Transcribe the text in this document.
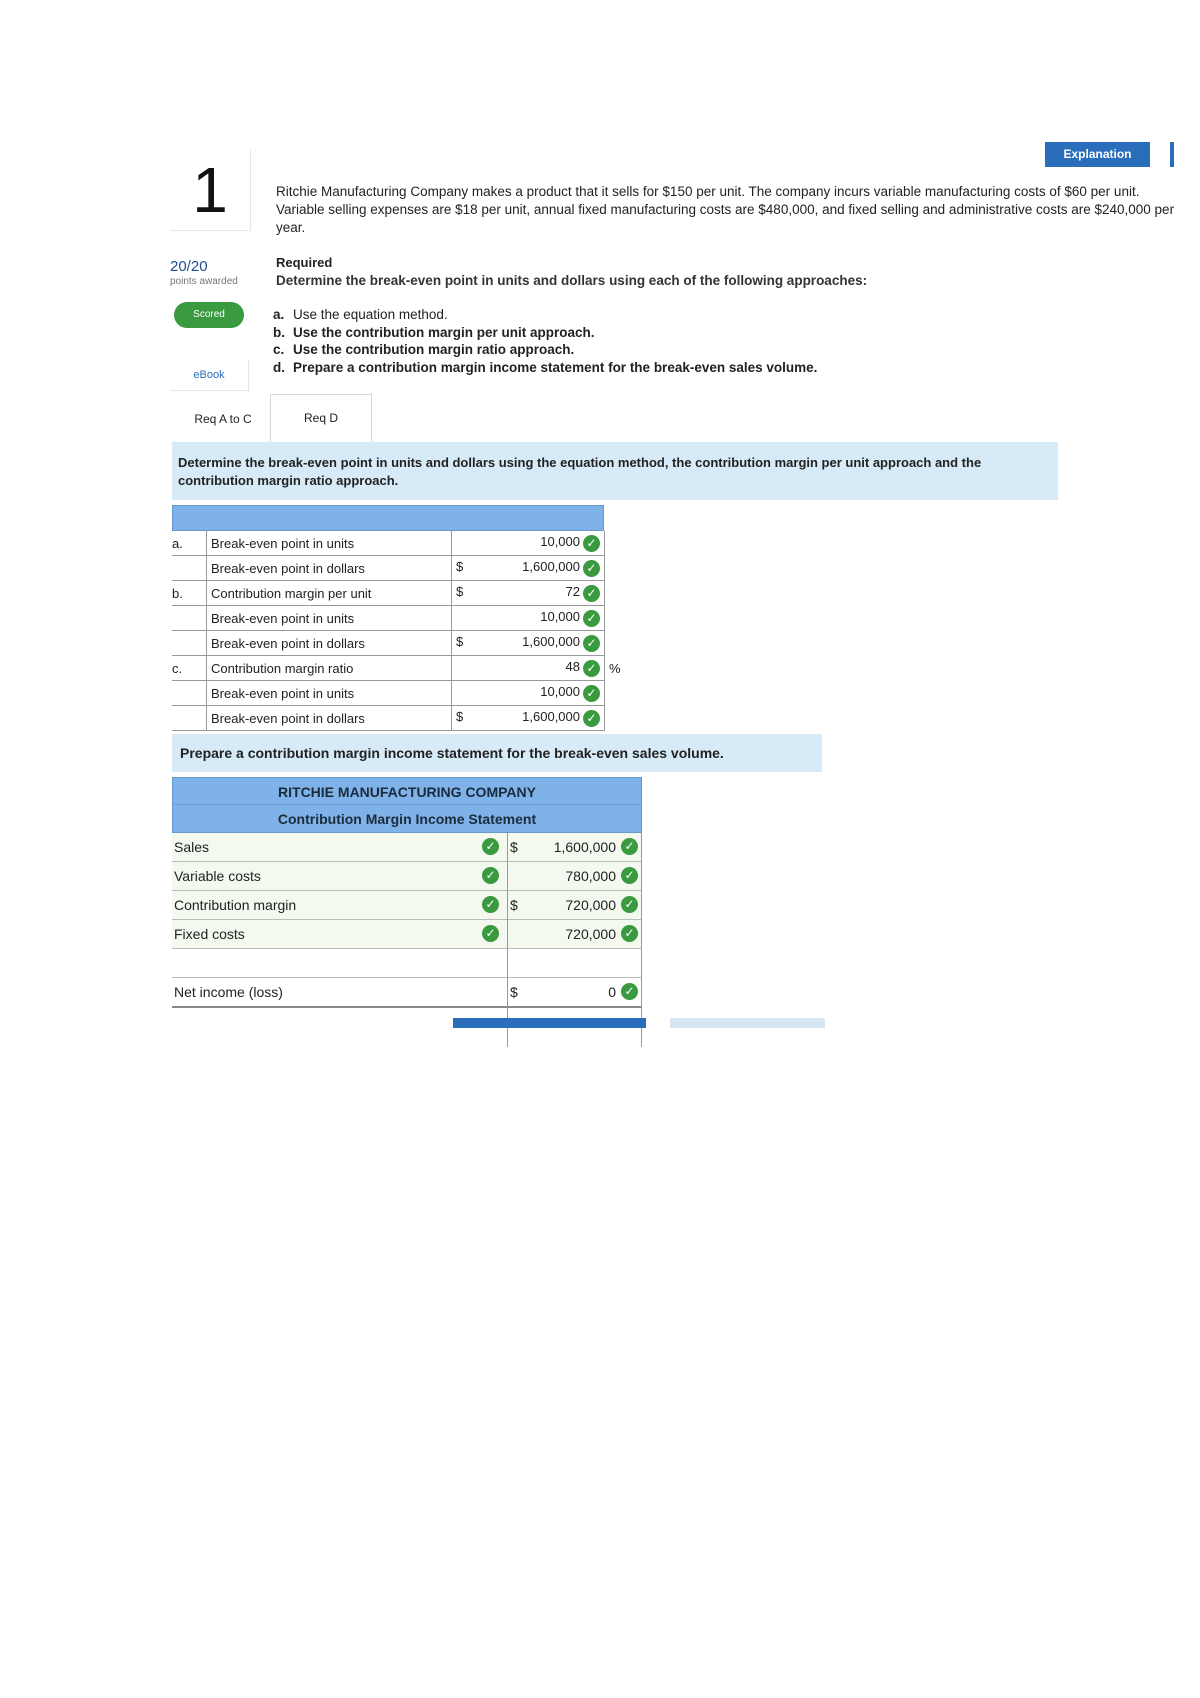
1
20/20
points awarded
Scored
eBook
Explanation
Ritchie Manufacturing Company makes a product that it sells for $150 per unit. The company incurs variable manufacturing costs of $60 per unit. Variable selling expenses are $18 per unit, annual fixed manufacturing costs are $480,000, and fixed selling and administrative costs are $240,000 per year.
Required
Determine the break-even point in units and dollars using each of the following approaches:
a. Use the equation method.
b. Use the contribution margin per unit approach.
c. Use the contribution margin ratio approach.
d. Prepare a contribution margin income statement for the break-even sales volume.
Req A to C	Req D
Determine the break-even point in units and dollars using the equation method, the contribution margin per unit approach and the contribution margin ratio approach.
a.	Break-even point in units	10,000 ✓	
	Break-even point in dollars	$ 1,600,000 ✓	
b.	Contribution margin per unit	$ 72 ✓	
	Break-even point in units	10,000 ✓	
	Break-even point in dollars	$ 1,600,000 ✓	
c.	Contribution margin ratio	48 ✓	%
	Break-even point in units	10,000 ✓	
	Break-even point in dollars	$ 1,600,000 ✓	
Prepare a contribution margin income statement for the break-even sales volume.
RITCHIE MANUFACTURING COMPANY
Contribution Margin Income Statement
Sales	✓ $	1,600,000 ✓
Variable costs	✓	780,000 ✓
Contribution margin	✓ $	720,000 ✓
Fixed costs	✓	720,000 ✓
Net income (loss)	$	0 ✓
